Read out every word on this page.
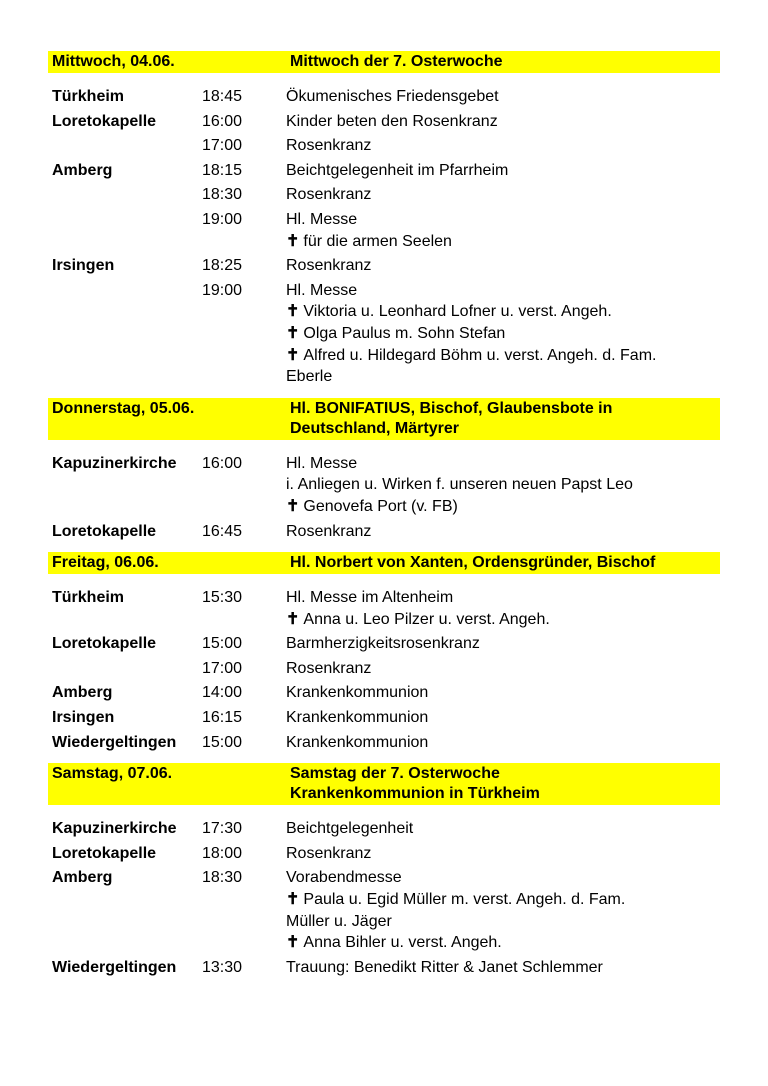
Mittwoch, 04.06.	Mittwoch der 7. Osterwoche
Türkheim	18:45	Ökumenisches Friedensgebet
Loretokapelle	16:00	Kinder beten den Rosenkranz
17:00	Rosenkranz
Amberg	18:15	Beichtgelegenheit im Pfarrheim
18:30	Rosenkranz
19:00	Hl. Messe
✝ für die armen Seelen
Irsingen	18:25	Rosenkranz
19:00	Hl. Messe
✝ Viktoria u. Leonhard Lofner u. verst. Angeh.
✝ Olga Paulus m. Sohn Stefan
✝ Alfred u. Hildegard Böhm u. verst. Angeh. d. Fam.
Eberle
Donnerstag, 05.06.	Hl. BONIFATIUS, Bischof, Glaubensbote in
Deutschland, Märtyrer
Kapuzinerkirche	16:00	Hl. Messe
i. Anliegen u. Wirken f. unseren neuen Papst Leo
✝ Genovefa Port (v. FB)
Loretokapelle	16:45	Rosenkranz
Freitag, 06.06.	Hl. Norbert von Xanten, Ordensgründer, Bischof
Türkheim	15:30	Hl. Messe im Altenheim
✝ Anna u. Leo Pilzer u. verst. Angeh.
Loretokapelle	15:00	Barmherzigkeitsrosenkranz
17:00	Rosenkranz
Amberg	14:00	Krankenkommunion
Irsingen	16:15	Krankenkommunion
Wiedergeltingen	15:00	Krankenkommunion
Samstag, 07.06.	Samstag der 7. Osterwoche
Krankenkommunion in Türkheim
Kapuzinerkirche	17:30	Beichtgelegenheit
Loretokapelle	18:00	Rosenkranz
Amberg	18:30	Vorabendmesse
✝ Paula u. Egid Müller m. verst. Angeh. d. Fam.
Müller u. Jäger
✝ Anna Bihler u. verst. Angeh.
Wiedergeltingen	13:30	Trauung: Benedikt Ritter & Janet Schlemmer
